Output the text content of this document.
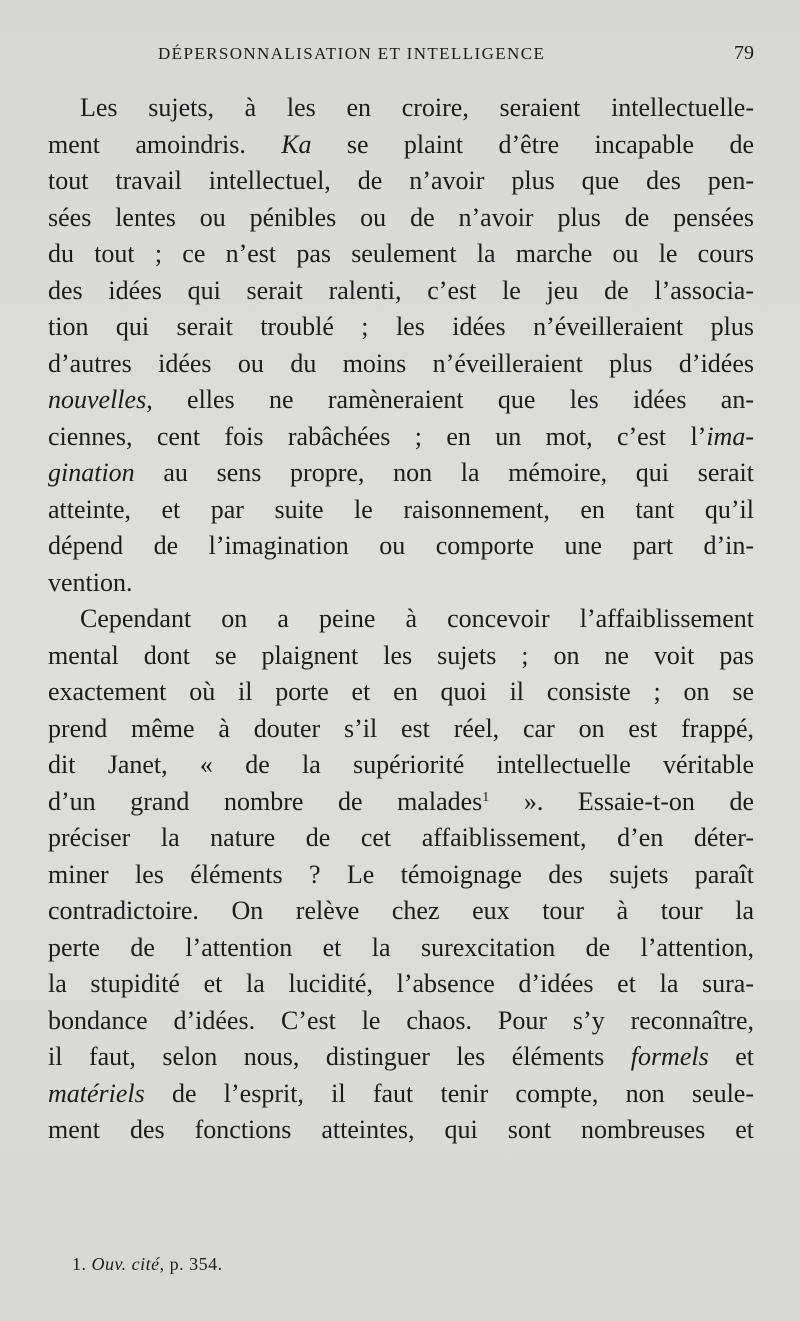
DÉPERSONNALISATION ET INTELLIGENCE	79
Les sujets, à les en croire, seraient intellectuelle-
ment amoindris. Ka se plaint d’être incapable de
tout travail intellectuel, de n’avoir plus que des pen-
sées lentes ou pénibles ou de n’avoir plus de pensées
du tout ; ce n’est pas seulement la marche ou le cours
des idées qui serait ralenti, c’est le jeu de l’associa-
tion qui serait troublé ; les idées n’éveilleraient plus
d’autres idées ou du moins n’éveilleraient plus d’idées
nouvelles, elles ne ramèneraient que les idées an-
ciennes, cent fois rabâchées ; en un mot, c’est l’ima-
gination au sens propre, non la mémoire, qui serait
atteinte, et par suite le raisonnement, en tant qu’il
dépend de l’imagination ou comporte une part d’in-
vention.
Cependant on a peine à concevoir l’affaiblissement
mental dont se plaignent les sujets ; on ne voit pas
exactement où il porte et en quoi il consiste ; on se
prend même à douter s’il est réel, car on est frappé,
dit Janet, « de la supériorité intellectuelle véritable
d’un grand nombre de malades$^1$ ». Essaie-t-on de
préciser la nature de cet affaiblissement, d’en déter-
miner les éléments ? Le témoignage des sujets paraît
contradictoire. On relève chez eux tour à tour la
perte de l’attention et la surexcitation de l’attention,
la stupidité et la lucidité, l’absence d’idées et la sura-
bondance d’idées. C’est le chaos. Pour s’y reconnaître,
il faut, selon nous, distinguer les éléments formels et
matériels de l’esprit, il faut tenir compte, non seule-
ment des fonctions atteintes, qui sont nombreuses et
1. Ouv. cité, p. 354.
